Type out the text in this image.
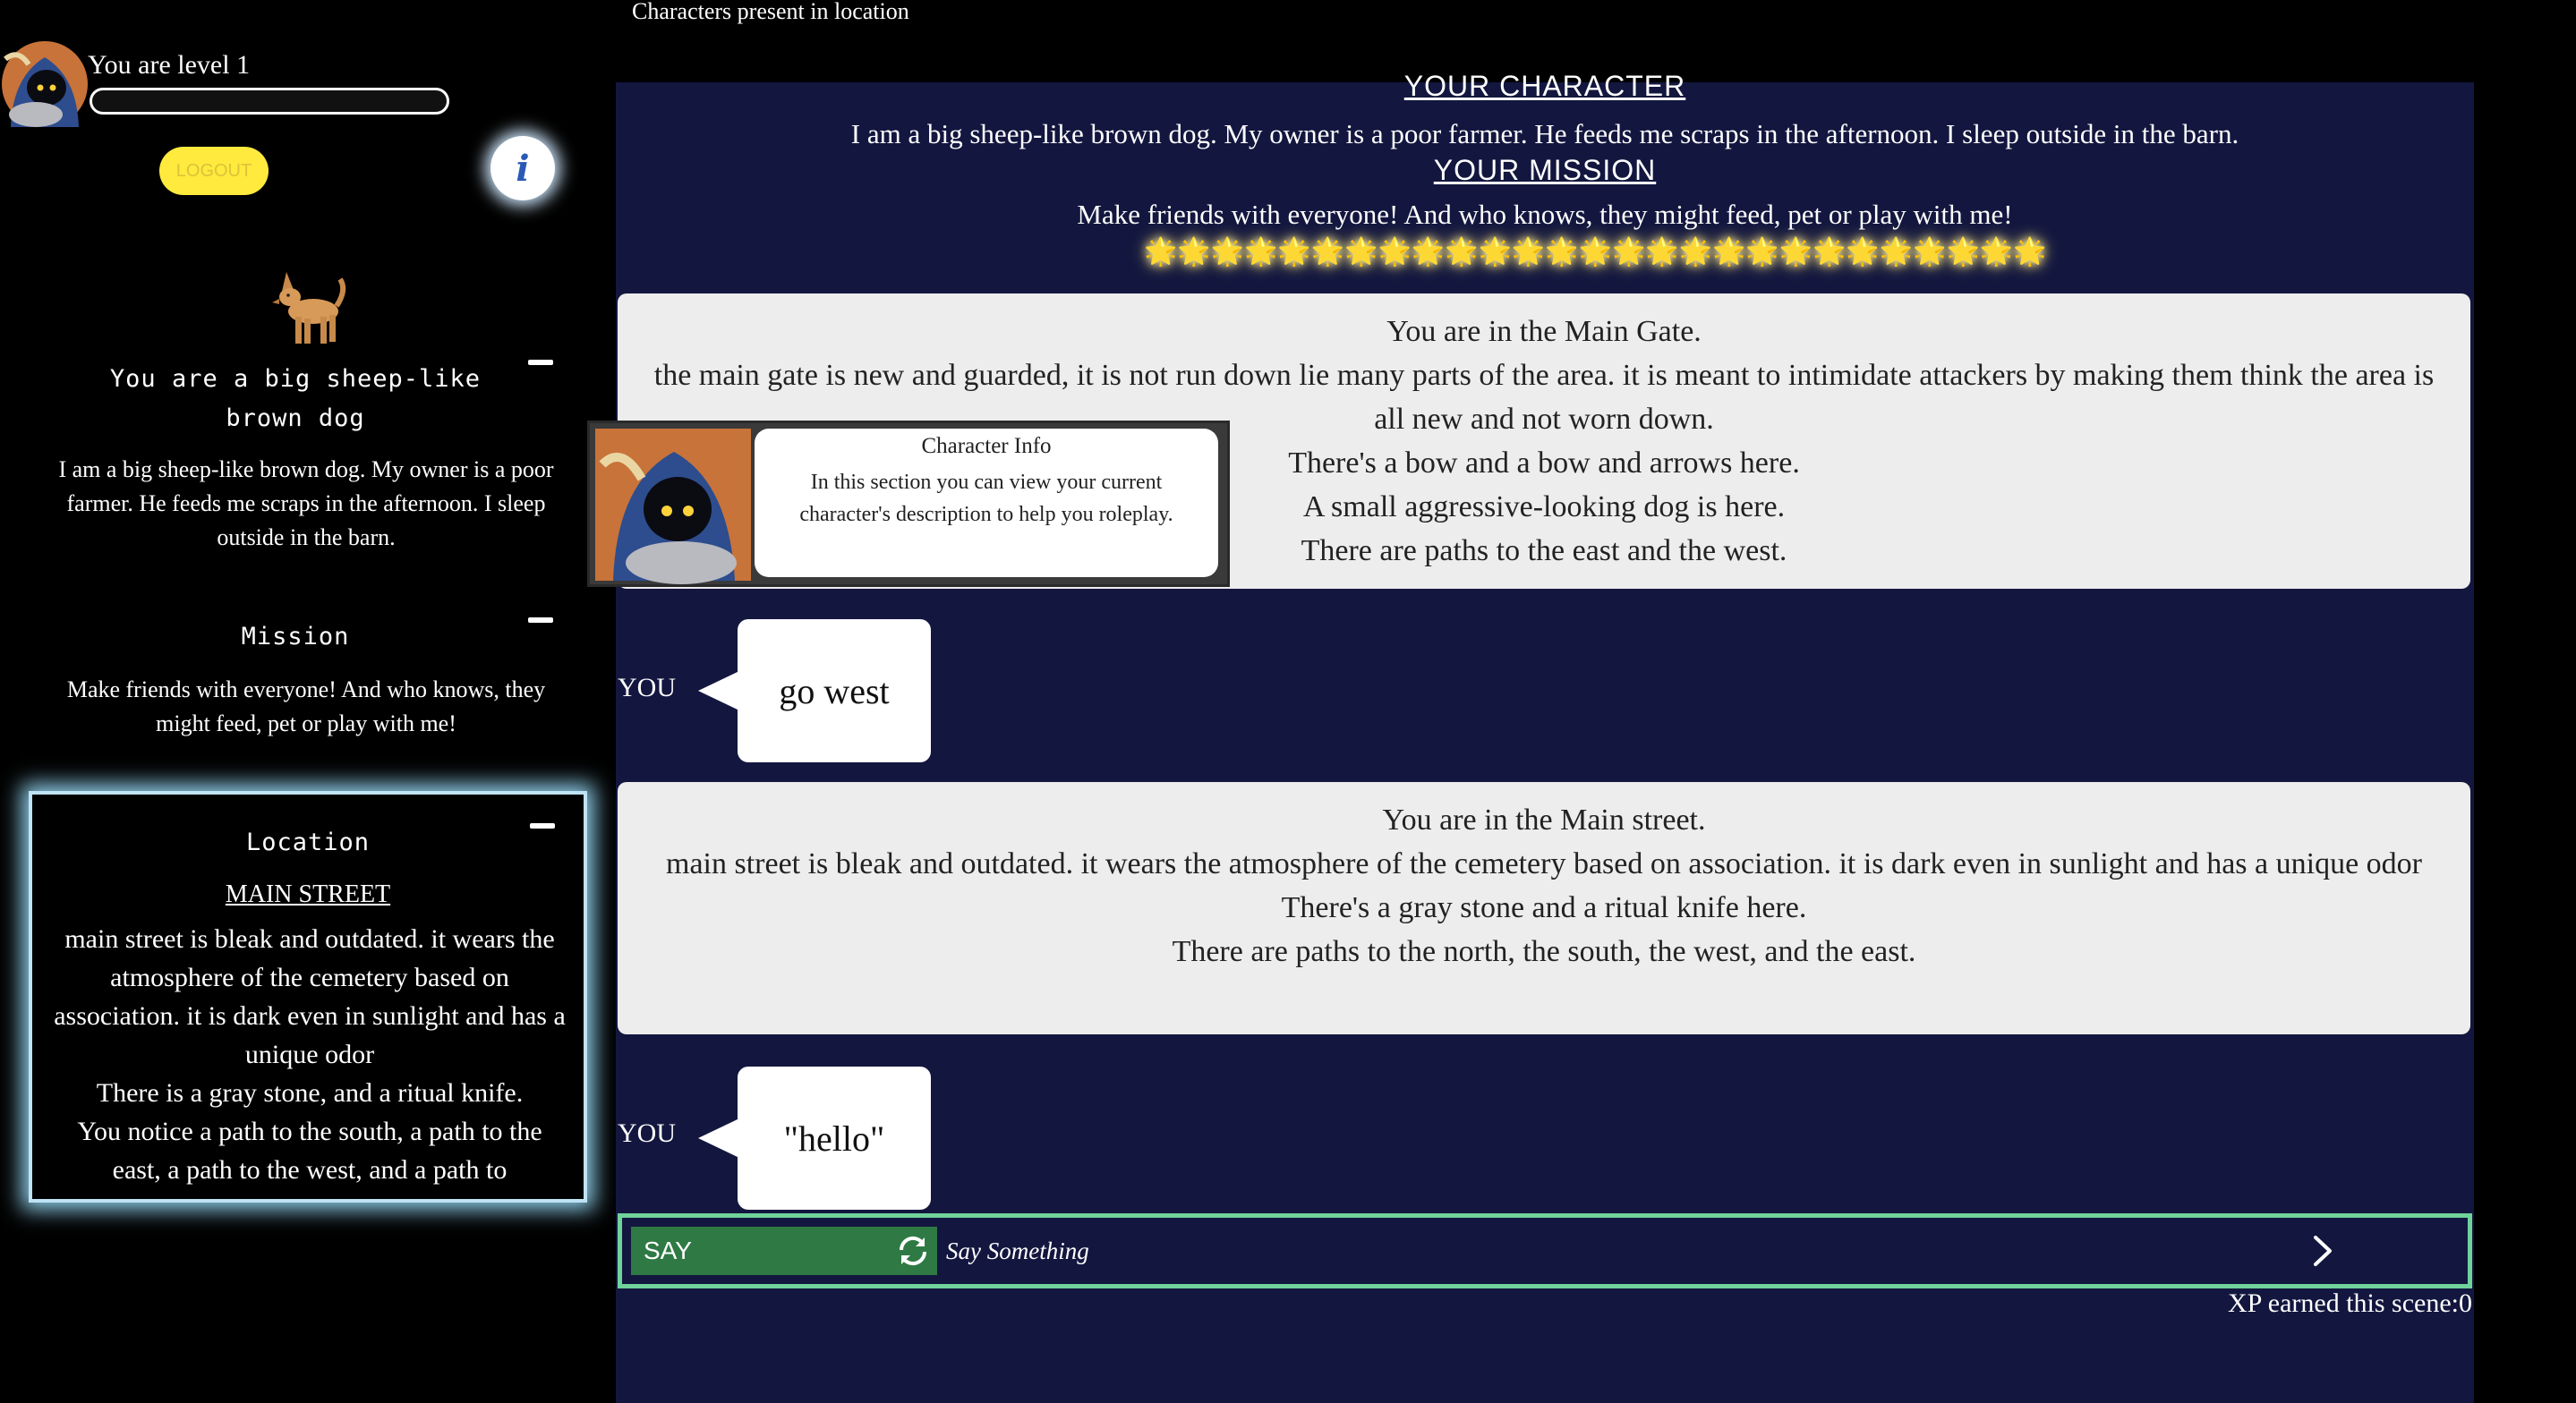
Characters present in location
You are level 1
LOGOUT	i
You are a big sheep-like brown dog
I am a big sheep-like brown dog. My owner is a poor farmer. He feeds me scraps in the afternoon. I sleep outside in the barn.
Mission
Make friends with everyone! And who knows, they might feed, pet or play with me!
Location
MAIN STREET
main street is bleak and outdated. it wears the atmosphere of the cemetery based on association. it is dark even in sunlight and has a unique odor
There is a gray stone, and a ritual knife.
You notice a path to the south, a path to the east, a path to the west, and a path to
YOUR CHARACTER
I am a big sheep-like brown dog. My owner is a poor farmer. He feeds me scraps in the afternoon. I sleep outside in the barn.
YOUR MISSION
Make friends with everyone! And who knows, they might feed, pet or play with me!
🌟🌟🌟🌟🌟🌟🌟🌟🌟🌟🌟🌟🌟🌟🌟🌟🌟🌟🌟🌟🌟🌟🌟🌟🌟🌟🌟
You are in the Main Gate.
the main gate is new and guarded, it is not run down lie many parts of the area. it is meant to intimidate attackers by making them think the area is all new and not worn down.
There's a bow and a bow and arrows here.
A small aggressive-looking dog is here.
There are paths to the east and the west.
YOU	go west
You are in the Main street.
main street is bleak and outdated. it wears the atmosphere of the cemetery based on association. it is dark even in sunlight and has a unique odor
There's a gray stone and a ritual knife here.
There are paths to the north, the south, the west, and the east.
YOU	"hello"
SAY
Say Something
XP earned this scene:0
Character Info
In this section you can view your current character's description to help you roleplay.
